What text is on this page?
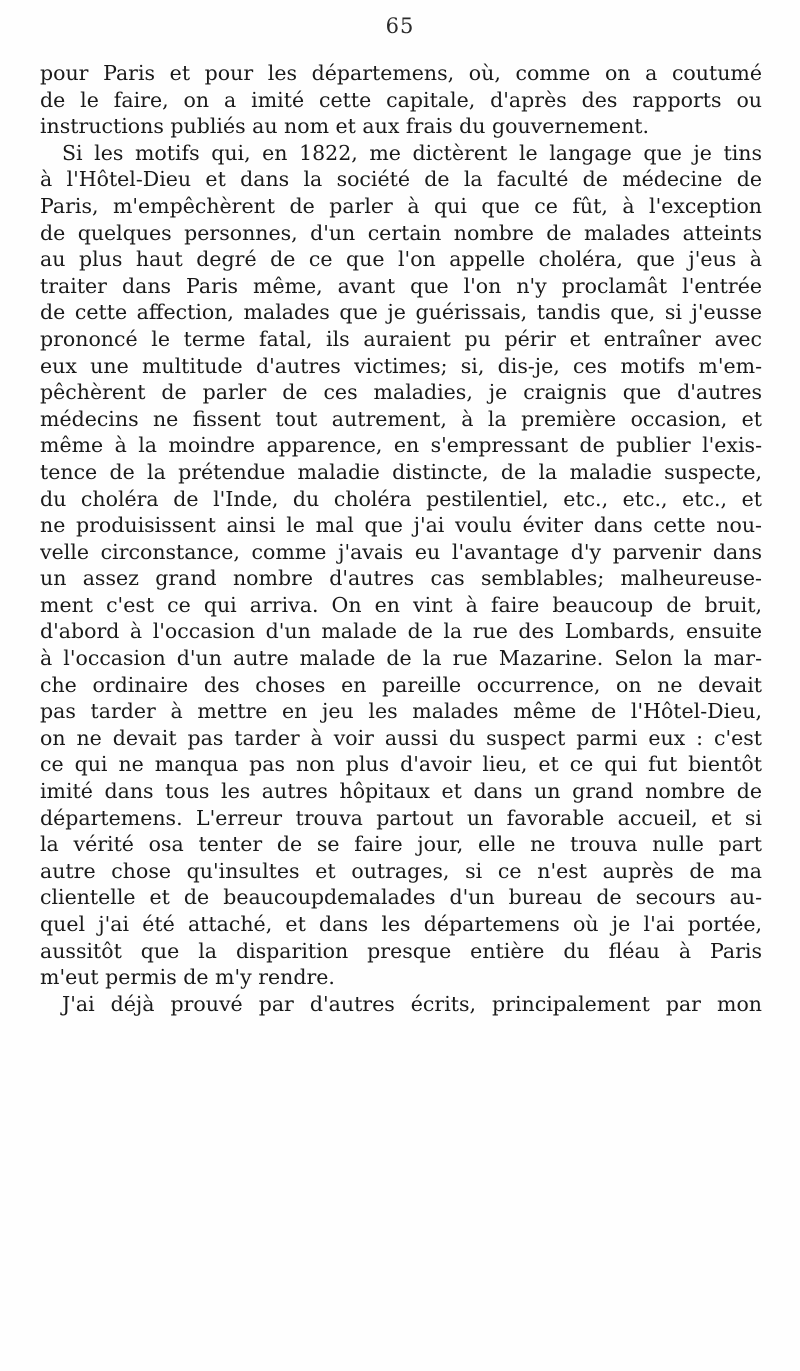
65
pour Paris et pour les départemens, où, comme on a coutumé
de le faire, on a imité cette capitale, d'après des rapports ou
instructions publiés au nom et aux frais du gouvernement.
Si les motifs qui, en 1822, me dictèrent le langage que je tins
à l'Hôtel-Dieu et dans la société de la faculté de médecine de
Paris, m'empêchèrent de parler à qui que ce fût, à l'exception
de quelques personnes, d'un certain nombre de malades atteints
au plus haut degré de ce que l'on appelle choléra, que j'eus à
traiter dans Paris même, avant que l'on n'y proclamât l'entrée
de cette affection, malades que je guérissais, tandis que, si j'eusse
prononcé le terme fatal, ils auraient pu périr et entraîner avec
eux une multitude d'autres victimes; si, dis-je, ces motifs m'em-
pêchèrent de parler de ces maladies, je craignis que d'autres
médecins ne fissent tout autrement, à la première occasion, et
même à la moindre apparence, en s'empressant de publier l'exis-
tence de la prétendue maladie distincte, de la maladie suspecte,
du choléra de l'Inde, du choléra pestilentiel, etc., etc., etc., et
ne produisissent ainsi le mal que j'ai voulu éviter dans cette nou-
velle circonstance, comme j'avais eu l'avantage d'y parvenir dans
un assez grand nombre d'autres cas semblables; malheureuse-
ment c'est ce qui arriva. On en vint à faire beaucoup de bruit,
d'abord à l'occasion d'un malade de la rue des Lombards, ensuite
à l'occasion d'un autre malade de la rue Mazarine. Selon la mar-
che ordinaire des choses en pareille occurrence, on ne devait
pas tarder à mettre en jeu les malades même de l'Hôtel-Dieu,
on ne devait pas tarder à voir aussi du suspect parmi eux : c'est
ce qui ne manqua pas non plus d'avoir lieu, et ce qui fut bientôt
imité dans tous les autres hôpitaux et dans un grand nombre de
départemens. L'erreur trouva partout un favorable accueil, et si
la vérité osa tenter de se faire jour, elle ne trouva nulle part
autre chose qu'insultes et outrages, si ce n'est auprès de ma
clientelle et de beaucoupdemalades d'un bureau de secours au-
quel j'ai été attaché, et dans les départemens où je l'ai portée,
aussitôt que la disparition presque entière du fléau à Paris
m'eut permis de m'y rendre.
J'ai déjà prouvé par d'autres écrits, principalement par mon
